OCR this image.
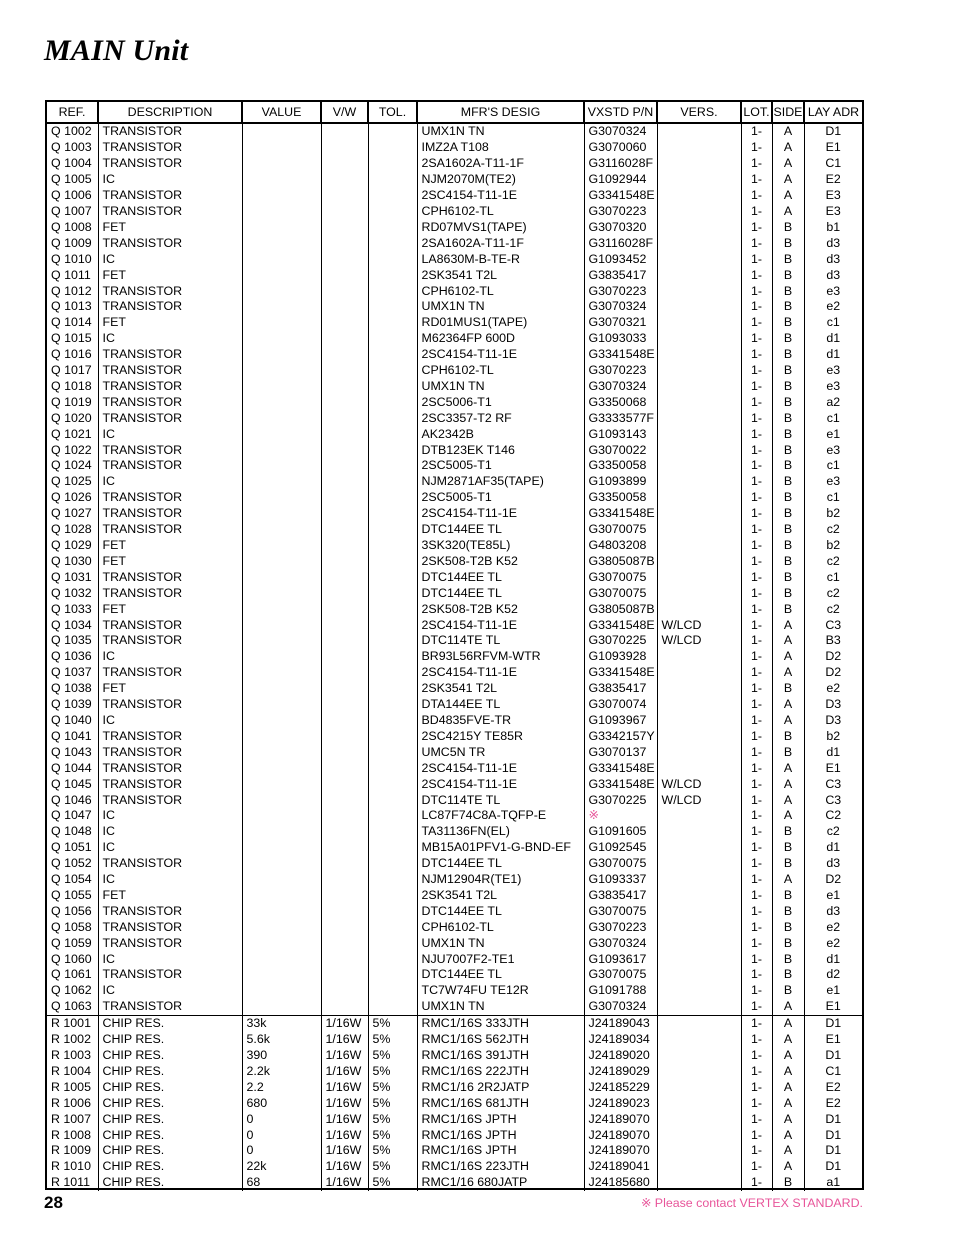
MAIN Unit
REF.	DESCRIPTION	VALUE	V/W	TOL.	MFR'S DESIG	VXSTD P/N	VERS.	LOT.	SIDE	LAY ADR
Q 1002	TRANSISTOR				UMX1N TN	G3070324		1-	A	D1
Q 1003	TRANSISTOR				IMZ2A T108	G3070060		1-	A	E1
Q 1004	TRANSISTOR				2SA1602A-T11-1F	G3116028F		1-	A	C1
Q 1005	IC				NJM2070M(TE2)	G1092944		1-	A	E2
Q 1006	TRANSISTOR				2SC4154-T11-1E	G3341548E		1-	A	E3
Q 1007	TRANSISTOR				CPH6102-TL	G3070223		1-	A	E3
Q 1008	FET				RD07MVS1(TAPE)	G3070320		1-	B	b1
Q 1009	TRANSISTOR				2SA1602A-T11-1F	G3116028F		1-	B	d3
Q 1010	IC				LA8630M-B-TE-R	G1093452		1-	B	d3
Q 1011	FET				2SK3541 T2L	G3835417		1-	B	d3
Q 1012	TRANSISTOR				CPH6102-TL	G3070223		1-	B	e3
Q 1013	TRANSISTOR				UMX1N TN	G3070324		1-	B	e2
Q 1014	FET				RD01MUS1(TAPE)	G3070321		1-	B	c1
Q 1015	IC				M62364FP 600D	G1093033		1-	B	d1
Q 1016	TRANSISTOR				2SC4154-T11-1E	G3341548E		1-	B	d1
Q 1017	TRANSISTOR				CPH6102-TL	G3070223		1-	B	e3
Q 1018	TRANSISTOR				UMX1N TN	G3070324		1-	B	e3
Q 1019	TRANSISTOR				2SC5006-T1	G3350068		1-	B	a2
Q 1020	TRANSISTOR				2SC3357-T2 RF	G3333577F		1-	B	c1
Q 1021	IC				AK2342B	G1093143		1-	B	e1
Q 1022	TRANSISTOR				DTB123EK T146	G3070022		1-	B	e3
Q 1024	TRANSISTOR				2SC5005-T1	G3350058		1-	B	c1
Q 1025	IC				NJM2871AF35(TAPE)	G1093899		1-	B	e3
Q 1026	TRANSISTOR				2SC5005-T1	G3350058		1-	B	c1
Q 1027	TRANSISTOR				2SC4154-T11-1E	G3341548E		1-	B	b2
Q 1028	TRANSISTOR				DTC144EE TL	G3070075		1-	B	c2
Q 1029	FET				3SK320(TE85L)	G4803208		1-	B	b2
Q 1030	FET				2SK508-T2B K52	G3805087B		1-	B	c2
Q 1031	TRANSISTOR				DTC144EE TL	G3070075		1-	B	c1
Q 1032	TRANSISTOR				DTC144EE TL	G3070075		1-	B	c2
Q 1033	FET				2SK508-T2B K52	G3805087B		1-	B	c2
Q 1034	TRANSISTOR				2SC4154-T11-1E	G3341548E	W/LCD	1-	A	C3
Q 1035	TRANSISTOR				DTC114TE TL	G3070225	W/LCD	1-	A	B3
Q 1036	IC				BR93L56RFVM-WTR	G1093928		1-	A	D2
Q 1037	TRANSISTOR				2SC4154-T11-1E	G3341548E		1-	A	D2
Q 1038	FET				2SK3541 T2L	G3835417		1-	B	e2
Q 1039	TRANSISTOR				DTA144EE TL	G3070074		1-	A	D3
Q 1040	IC				BD4835FVE-TR	G1093967		1-	A	D3
Q 1041	TRANSISTOR				2SC4215Y TE85R	G3342157Y		1-	B	b2
Q 1043	TRANSISTOR				UMC5N TR	G3070137		1-	B	d1
Q 1044	TRANSISTOR				2SC4154-T11-1E	G3341548E		1-	A	E1
Q 1045	TRANSISTOR				2SC4154-T11-1E	G3341548E	W/LCD	1-	A	C3
Q 1046	TRANSISTOR				DTC114TE TL	G3070225	W/LCD	1-	A	C3
Q 1047	IC				LC87F74C8A-TQFP-E	※		1-	A	C2
Q 1048	IC				TA31136FN(EL)	G1091605		1-	B	c2
Q 1051	IC				MB15A01PFV1-G-BND-EF	G1092545		1-	B	d1
Q 1052	TRANSISTOR				DTC144EE TL	G3070075		1-	B	d3
Q 1054	IC				NJM12904R(TE1)	G1093337		1-	A	D2
Q 1055	FET				2SK3541 T2L	G3835417		1-	B	e1
Q 1056	TRANSISTOR				DTC144EE TL	G3070075		1-	B	d3
Q 1058	TRANSISTOR				CPH6102-TL	G3070223		1-	B	e2
Q 1059	TRANSISTOR				UMX1N TN	G3070324		1-	B	e2
Q 1060	IC				NJU7007F2-TE1	G1093617		1-	B	d1
Q 1061	TRANSISTOR				DTC144EE TL	G3070075		1-	B	d2
Q 1062	IC				TC7W74FU TE12R	G1091788		1-	B	e1
Q 1063	TRANSISTOR				UMX1N TN	G3070324		1-	A	E1
R 1001	CHIP RES.	33k	1/16W	5%	RMC1/16S 333JTH	J24189043		1-	A	D1
R 1002	CHIP RES.	5.6k	1/16W	5%	RMC1/16S 562JTH	J24189034		1-	A	E1
R 1003	CHIP RES.	390	1/16W	5%	RMC1/16S 391JTH	J24189020		1-	A	D1
R 1004	CHIP RES.	2.2k	1/16W	5%	RMC1/16S 222JTH	J24189029		1-	A	C1
R 1005	CHIP RES.	2.2	1/16W	5%	RMC1/16 2R2JATP	J24185229		1-	A	E2
R 1006	CHIP RES.	680	1/16W	5%	RMC1/16S 681JTH	J24189023		1-	A	E2
R 1007	CHIP RES.	0	1/16W	5%	RMC1/16S JPTH	J24189070		1-	A	D1
R 1008	CHIP RES.	0	1/16W	5%	RMC1/16S JPTH	J24189070		1-	A	D1
R 1009	CHIP RES.	0	1/16W	5%	RMC1/16S JPTH	J24189070		1-	A	D1
R 1010	CHIP RES.	22k	1/16W	5%	RMC1/16S 223JTH	J24189041		1-	A	D1
R 1011	CHIP RES.	68	1/16W	5%	RMC1/16 680JATP	J24185680		1-	B	a1
28	※ Please contact VERTEX STANDARD.
